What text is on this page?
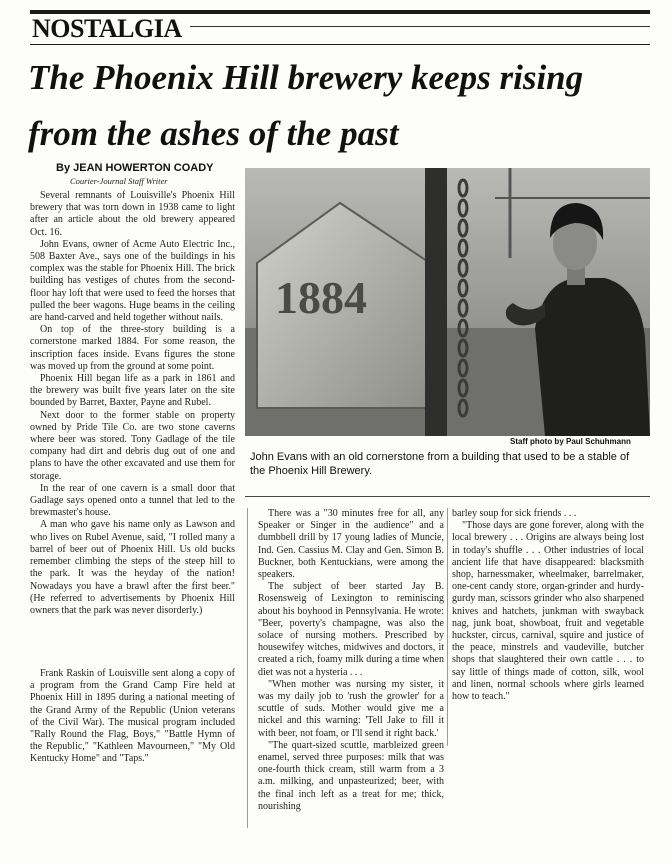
NOSTALGIA
The Phoenix Hill brewery keeps rising from the ashes of the past
By JEAN HOWERTON COADY
Courier-Journal Staff Writer

Several remnants of Louisville's Phoenix Hill brewery that was torn down in 1938 came to light after an article about the old brewery appeared Oct. 16.

John Evans, owner of Acme Auto Electric Inc., 508 Baxter Ave., says one of the buildings in his complex was the stable for Phoenix Hill. The brick building has vestiges of chutes from the second-floor hay loft that were used to feed the horses that pulled the beer wagons. Huge beams in the ceiling are hand-carved and held together without nails.

On top of the three-story building is a cornerstone marked 1884. For some reason, the inscription faces inside. Evans figures the stone was moved up from the ground at some point.

Phoenix Hill began life as a park in 1861 and the brewery was built five years later on the site bounded by Barret, Baxter, Payne and Rubel.

Next door to the former stable on property owned by Pride Tile Co. are two stone caverns where beer was stored. Tony Gadlage of the tile company had dirt and debris dug out of one and plans to have the other excavated and use them for storage.

In the rear of one cavern is a small door that Gadlage says opened onto a tunnel that led to the brewmaster's house.

A man who gave his name only as Lawson and who lives on Rubel Avenue, said, "I rolled many a barrel of beer out of Phoenix Hill. Us old bucks remember climbing the steps of the steep hill to the park. It was the heyday of the nation! Nowadays you have a brawl after the first beer." (He referred to advertisements by Phoenix Hill owners that the park was never disorderly.)

Frank Raskin of Louisville sent along a copy of a program from the Grand Camp Fire held at Phoenix Hill in 1895 during a national meeting of the Grand Army of the Republic (Union veterans of the Civil War). The musical program included "Rally Round the Flag, Boys," "Battle Hymn of the Republic," "Kathleen Mavourneen," "My Old Kentucky Home" and "Taps."

1884
Staff photo by Paul Schuhmann
John Evans with an old cornerstone from a building that used to be a stable of the Phoenix Hill Brewery.

There was a "30 minutes free for all, any Speaker or Singer in the audience" and a dumbbell drill by 17 young ladies of Muncie, Ind. Gen. Cassius M. Clay and Gen. Simon B. Buckner, both Kentuckians, were among the speakers.

The subject of beer started Jay B. Rosensweig of Lexington to reminiscing about his boyhood in Pennsylvania. He wrote: "Beer, poverty's champagne, was also the solace of nursing mothers. Prescribed by housewifey witches, midwives and doctors, it created a rich, foamy milk during a time when diet was not a hysteria . . .

"When mother was nursing my sister, it was my daily job to 'rush the growler' for a scuttle of suds. Mother would give me a nickel and this warning: 'Tell Jake to fill it with beer, not foam, or I'll send it right back.'

"The quart-sized scuttle, marbleized green enamel, served three purposes: milk that was one-fourth thick cream, still warm from a 3 a.m. milking, and unpasteurized; beer, with the final inch left as a treat for me; thick, nourishing

barley soup for sick friends . . .

"Those days are gone forever, along with the local brewery . . . Origins are always being lost in today's shuffle . . . Other industries of local ancient life that have disappeared: blacksmith shop, harnessmaker, wheelmaker, barrelmaker, one-cent candy store, organ-grinder and hurdy-gurdy man, scissors grinder who also sharpened knives and hatchets, junkman with swayback nag, junk boat, showboat, fruit and vegetable huckster, circus, carnival, squire and justice of the peace, minstrels and vaudeville, butcher shops that slaughtered their own cattle . . . to say little of things made of cotton, silk, wool and linen, normal schools where girls learned how to teach."
